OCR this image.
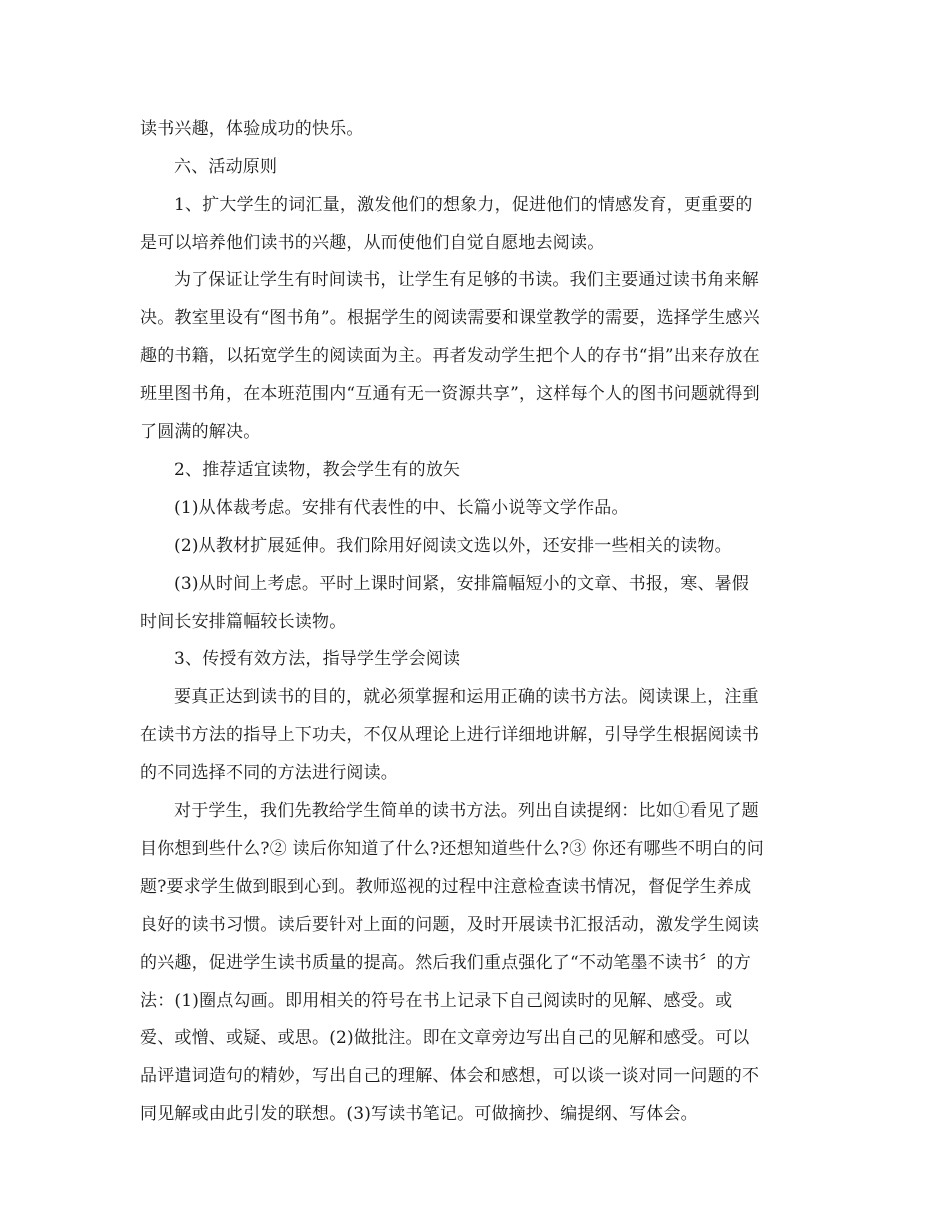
读书兴趣，体验成功的快乐。

六、活动原则

1、扩大学生的词汇量，激发他们的想象力，促进他们的情感发育，更重要的

是可以培养他们读书的兴趣，从而使他们自觉自愿地去阅读。

为了保证让学生有时间读书，让学生有足够的书读。我们主要通过读书角来解

决。教室里设有“图书角”。根据学生的阅读需要和课堂教学的需要，选择学生感兴

趣的书籍，以拓宽学生的阅读面为主。再者发动学生把个人的存书“捐”出来存放在

班里图书角，在本班范围内“互通有无一资源共享”，这样每个人的图书问题就得到

了圆满的解决。

2、推荐适宜读物，教会学生有的放矢

(1)从体裁考虑。安排有代表性的中、长篇小说等文学作品。

(2)从教材扩展延伸。我们除用好阅读文选以外，还安排一些相关的读物。

(3)从时间上考虑。平时上课时间紧，安排篇幅短小的文章、书报，寒、暑假

时间长安排篇幅较长读物。

3、传授有效方法，指导学生学会阅读

要真正达到读书的目的，就必须掌握和运用正确的读书方法。阅读课上，注重

在读书方法的指导上下功夫，不仅从理论上进行详细地讲解，引导学生根据阅读书

的不同选择不同的方法进行阅读。

对于学生，我们先教给学生简单的读书方法。列出自读提纲：比如①看见了题

目你想到些什么?② 读后你知道了什么?还想知道些什么?③ 你还有哪些不明白的问

题?要求学生做到眼到心到。教师巡视的过程中注意检查读书情况，督促学生养成

良好的读书习惯。读后要针对上面的问题，及时开展读书汇报活动，激发学生阅读

的兴趣，促进学生读书质量的提高。然后我们重点强化了“不动笔墨不读书〞的方

法：(1)圈点勾画。即用相关的符号在书上记录下自己阅读时的见解、感受。或

爱、或憎、或疑、或思。(2)做批注。即在文章旁边写出自己的见解和感受。可以

品评遣词造句的精妙，写出自己的理解、体会和感想，可以谈一谈对同一问题的不

同见解或由此引发的联想。(3)写读书笔记。可做摘抄、编提纲、写体会。
